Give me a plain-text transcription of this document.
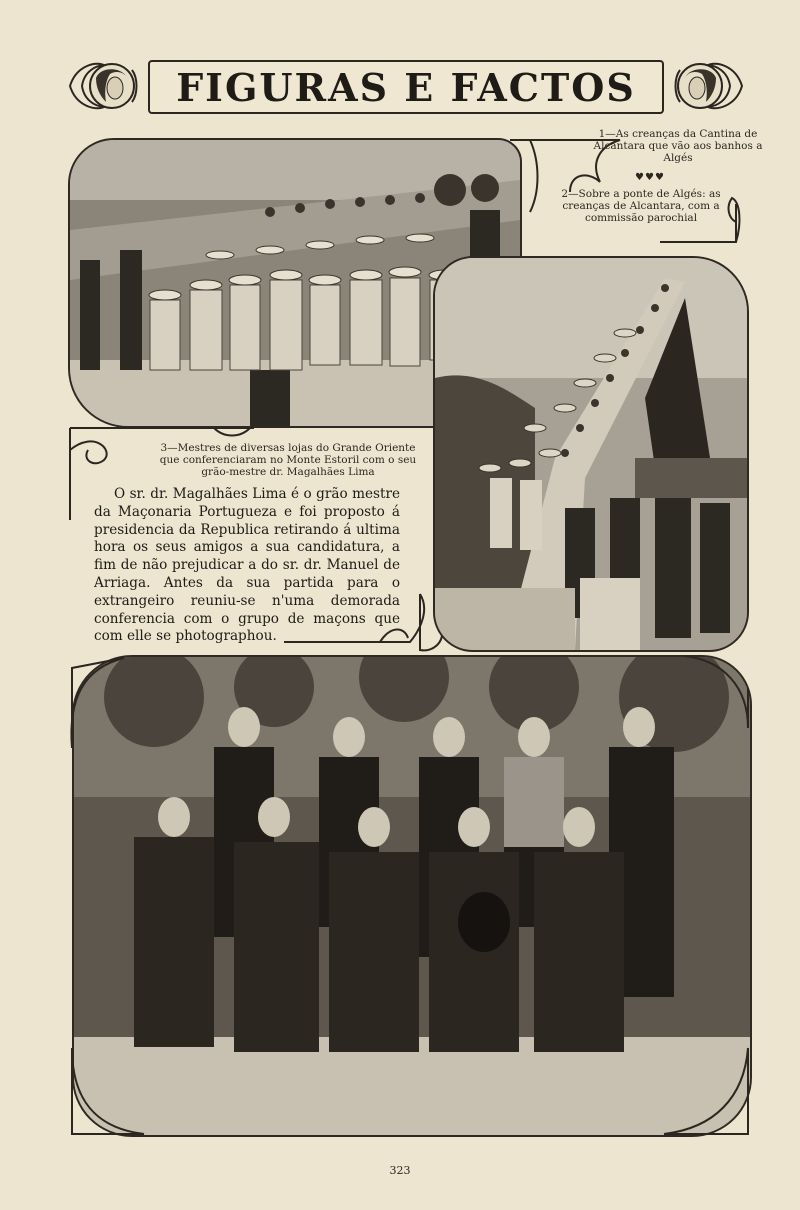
FIGURAS E FACTOS
1—As creanças da Cantina de Alcantara que vão aos banhos a Algés
♥♥♥
2—Sobre a ponte de Algés: as creanças de Alcantara, com a commissão parochial
3—Mestres de diversas lojas do Grande Oriente que conferenciaram no Monte Estoril com o seu grão-mestre dr. Magalhães Lima
O sr. dr. Magalhães Lima é o grão mestre da Maçonaria Portugueza e foi proposto á presidencia da Republica retirando á ultima hora os seus amigos a sua candidatura, a fim de não prejudicar a do sr. dr. Manuel de Arriaga. Antes da sua partida para o extrangeiro reuniu-se n'uma demorada conferencia com o grupo de maçons que com elle se photographou.
323
